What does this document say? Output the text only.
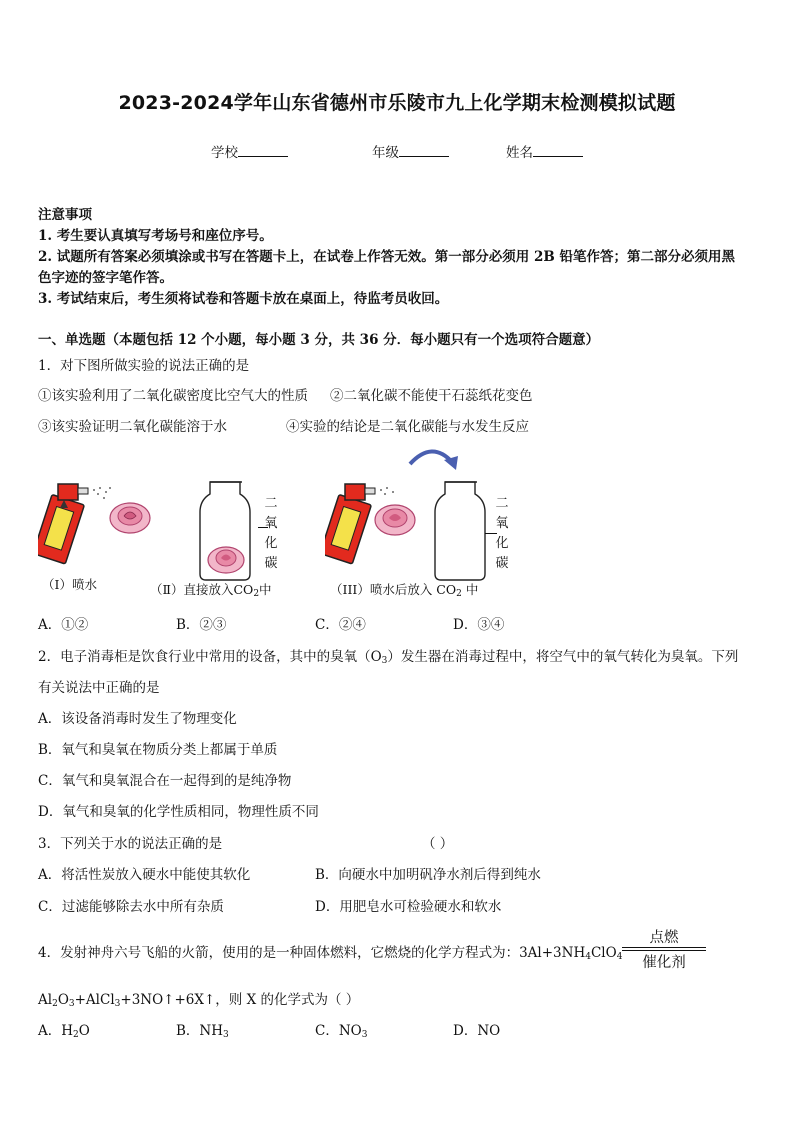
2023-2024学年山东省德州市乐陵市九上化学期末检测模拟试题
学校	年级	姓名
注意事项
1. 考生要认真填写考场号和座位序号。
2. 试题所有答案必须填涂或书写在答题卡上，在试卷上作答无效。第一部分必须用 2B 铅笔作答；第二部分必须用黑
色字迹的签字笔作答。
3. 考试结束后，考生须将试卷和答题卡放在桌面上，待监考员收回。
一、单选题（本题包括 12 个小题，每小题 3 分，共 36 分．每小题只有一个选项符合题意）
1．对下图所做实验的说法正确的是
①该实验利用了二氧化碳密度比空气大的性质 ②二氧化碳不能使干石蕊纸花变色
③该实验证明二氧化碳能溶于水	④实验的结论是二氧化碳能与水发生反应
（I）喷水
二
氧
化
碳
（Ⅱ）直接放入$CO_2$中
二
氧
化
碳
（III）喷水后放入 $CO_2$ 中
A．①②	B．②③	C．②④	D．③④
2．电子消毒柜是饮食行业中常用的设备，其中的臭氧$(O_3)$发生器在消毒过程中，将空气中的氧气转化为臭氧。下列
有关说法中正确的是
A．该设备消毒时发生了物理变化
B．氧气和臭氧在物质分类上都属于单质
C．氧气和臭氧混合在一起得到的是纯净物
D．氧气和臭氧的化学性质相同，物理性质不同
3．下列关于水的说法正确的是	（ ）
A．将活性炭放入硬水中能使其软化	B．向硬水中加明矾净水剂后得到纯水
C．过滤能够除去水中所有杂质	D．用肥皂水可检验硬水和软水
4．发射神舟六号飞船的火箭，使用的是一种固体燃料，它燃烧的化学方程式为：$3Al+3NH_4ClO_4$
点燃
催化剂
$Al_2O_3+AlCl_3+3NO↑+6X↑$，则 X 的化学式为（ ）
A．$H_2O$	B．$NH_3$	C．$NO_3$	D．NO
